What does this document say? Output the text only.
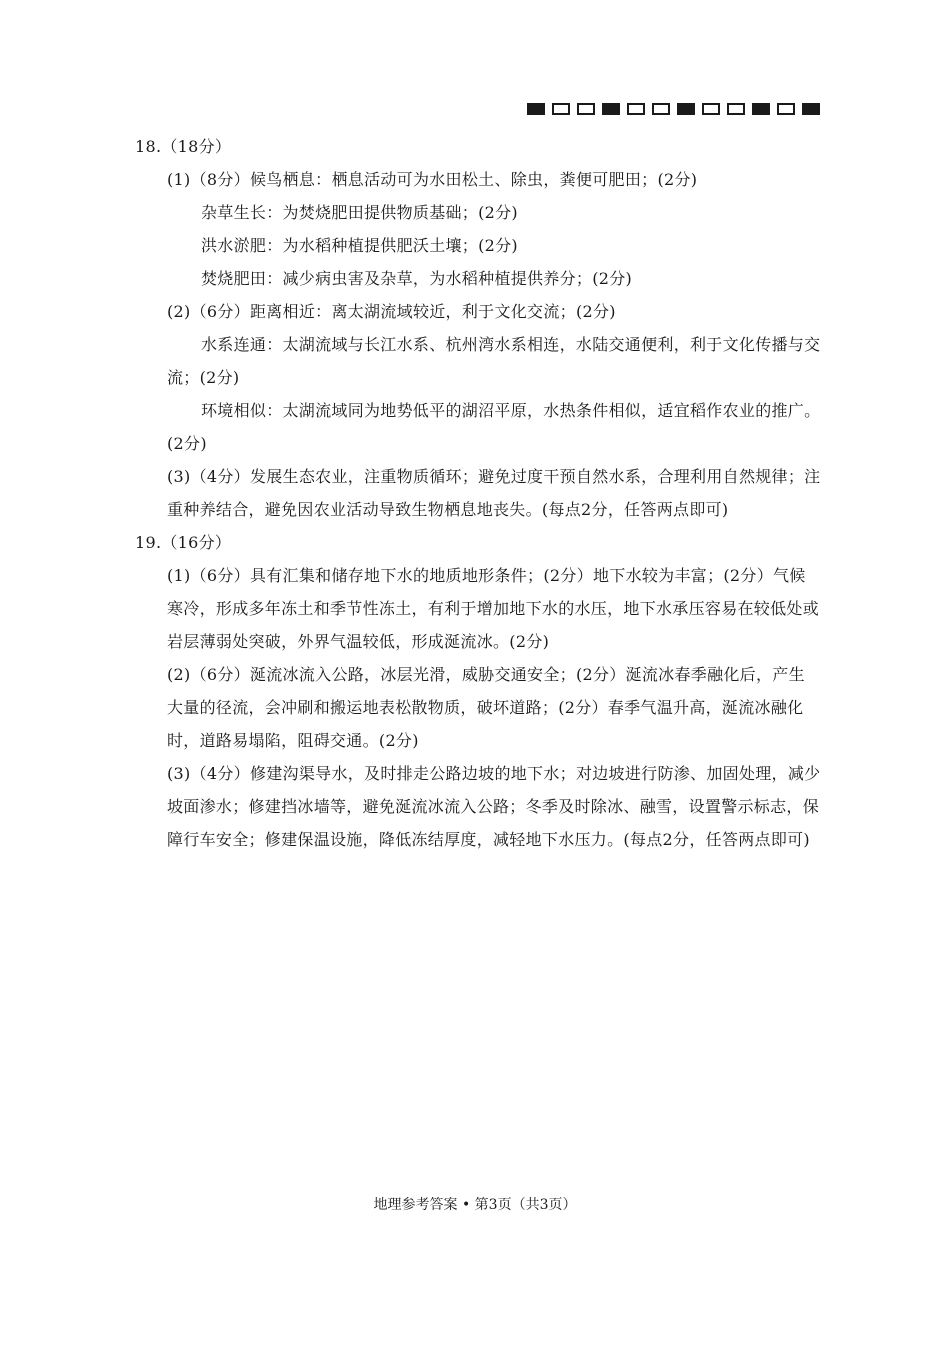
18.（18分）

(1)（8分）候鸟栖息：栖息活动可为水田松土、除虫，粪便可肥田；(2分)

杂草生长：为焚烧肥田提供物质基础；(2分)

洪水淤肥：为水稻种植提供肥沃土壤；(2分)

焚烧肥田：减少病虫害及杂草，为水稻种植提供养分；(2分)

(2)（6分）距离相近：离太湖流域较近，利于文化交流；(2分)

水系连通：太湖流域与长江水系、杭州湾水系相连，水陆交通便利，利于文化传播与交流；(2分)

环境相似：太湖流域同为地势低平的湖沼平原，水热条件相似，适宜稻作农业的推广。(2分)

(3)（4分）发展生态农业，注重物质循环；避免过度干预自然水系，合理利用自然规律；注重种养结合，避免因农业活动导致生物栖息地丧失。(每点2分，任答两点即可)

19.（16分）

(1)（6分）具有汇集和储存地下水的地质地形条件；(2分）地下水较为丰富；(2分）气候寒冷，形成多年冻土和季节性冻土，有利于增加地下水的水压，地下水承压容易在较低处或岩层薄弱处突破，外界气温较低，形成涎流冰。(2分)

(2)（6分）涎流冰流入公路，冰层光滑，威胁交通安全；(2分）涎流冰春季融化后，产生大量的径流，会冲刷和搬运地表松散物质，破坏道路；(2分）春季气温升高，涎流冰融化时，道路易塌陷，阻碍交通。(2分)

(3)（4分）修建沟渠导水，及时排走公路边坡的地下水；对边坡进行防渗、加固处理，减少坡面渗水；修建挡冰墙等，避免涎流冰流入公路；冬季及时除冰、融雪，设置警示标志，保障行车安全；修建保温设施，降低冻结厚度，减轻地下水压力。(每点2分，任答两点即可)

地理参考答案 • 第3页（共3页）
